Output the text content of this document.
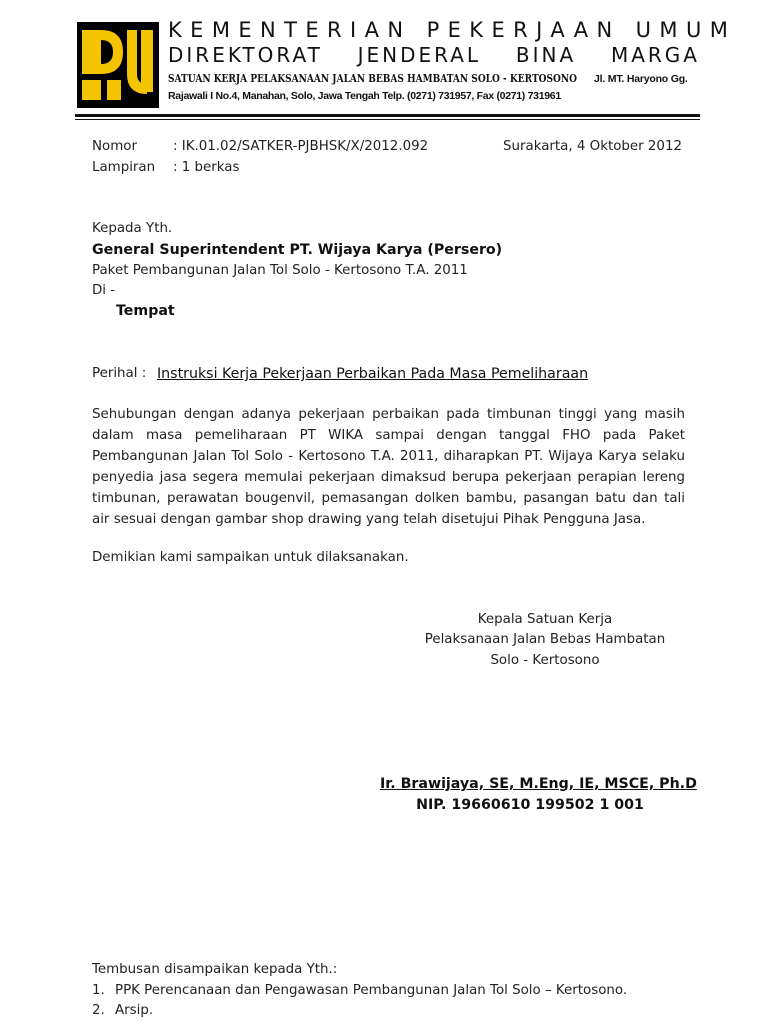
KEMENTERIAN PEKERJAAN UMUM
DIREKTORAT JENDERAL BINA MARGA
SATUAN KERJA PELAKSANAAN JALAN BEBAS HAMBATAN SOLO - KERTOSONO Jl. MT. Haryono Gg.
Rajawali I No.4, Manahan, Solo, Jawa Tengah Telp. (0271) 731957, Fax (0271) 731961
Nomor	: IK.01.02/SATKER-PJBHSK/X/2012.092	Surakarta, 4 Oktober 2012
Lampiran : 1 berkas
Kepada Yth.
General Superintendent PT. Wijaya Karya (Persero)
Paket Pembangunan Jalan Tol Solo - Kertosono T.A. 2011
Di -
Tempat
Perihal : Instruksi Kerja Pekerjaan Perbaikan Pada Masa Pemeliharaan
Sehubungan dengan adanya pekerjaan perbaikan pada timbunan tinggi yang masih dalam masa pemeliharaan PT WIKA sampai dengan tanggal FHO pada Paket Pembangunan Jalan Tol Solo - Kertosono T.A. 2011, diharapkan PT. Wijaya Karya selaku penyedia jasa segera memulai pekerjaan dimaksud berupa pekerjaan perapian lereng timbunan, perawatan bougenvil, pemasangan dolken bambu, pasangan batu dan tali air sesuai dengan gambar shop drawing yang telah disetujui Pihak Pengguna Jasa.
Demikian kami sampaikan untuk dilaksanakan.
Kepala Satuan Kerja
Pelaksanaan Jalan Bebas Hambatan
Solo - Kertosono
Ir. Brawijaya, SE, M.Eng, IE, MSCE, Ph.D
NIP. 19660610 199502 1 001
Tembusan disampaikan kepada Yth.:
1. PPK Perencanaan dan Pengawasan Pembangunan Jalan Tol Solo – Kertosono.
2. Arsip.
